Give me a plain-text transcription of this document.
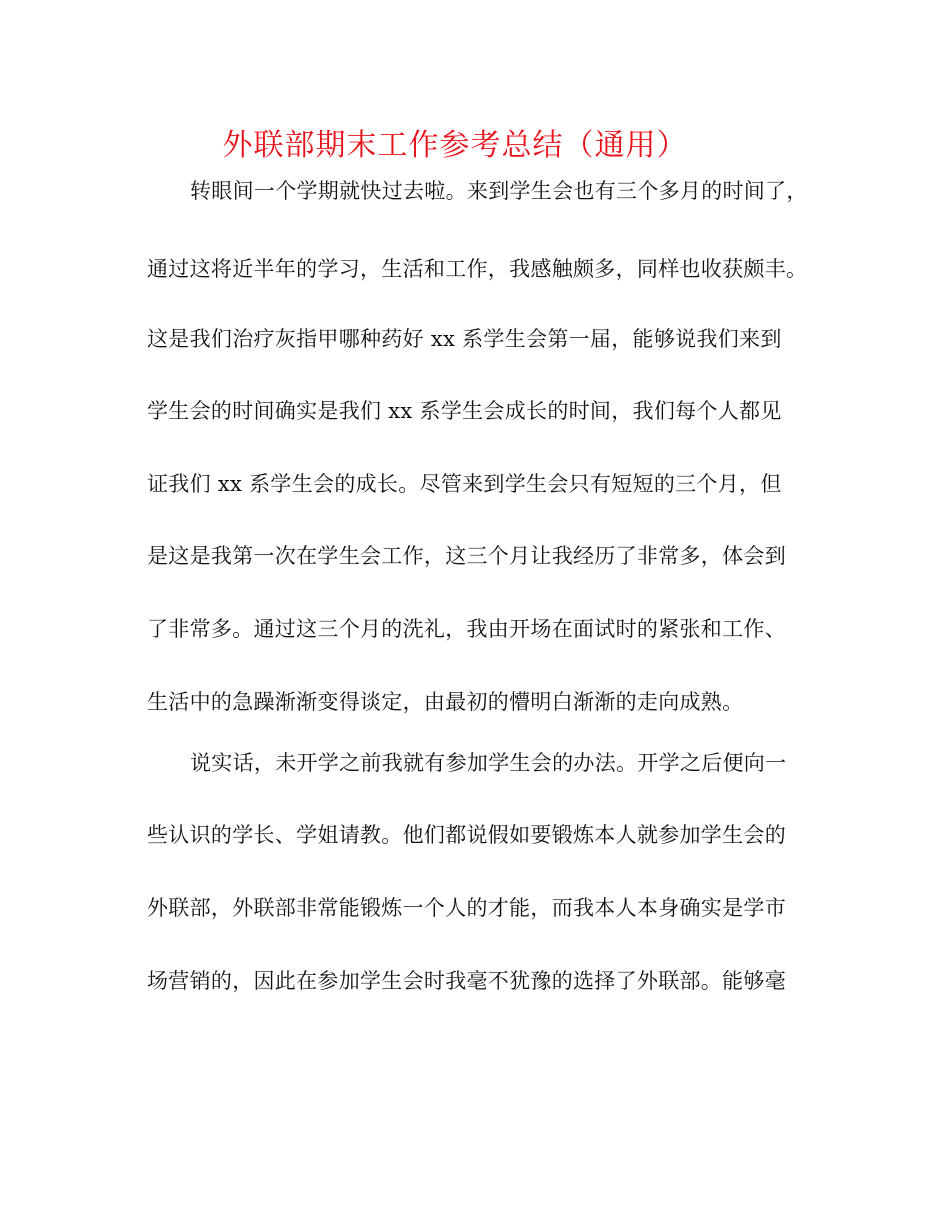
外联部期末工作参考总结（通用）
转眼间一个学期就快过去啦。来到学生会也有三个多月的时间了，
通过这将近半年的学习，生活和工作，我感触颇多，同样也收获颇丰。
这是我们治疗灰指甲哪种药好 xx 系学生会第一届，能够说我们来到
学生会的时间确实是我们 xx 系学生会成长的时间，我们每个人都见
证我们 xx 系学生会的成长。尽管来到学生会只有短短的三个月，但
是这是我第一次在学生会工作，这三个月让我经历了非常多，体会到
了非常多。通过这三个月的洗礼，我由开场在面试时的紧张和工作、
生活中的急躁渐渐变得谈定，由最初的懵明白渐渐的走向成熟。
说实话，未开学之前我就有参加学生会的办法。开学之后便向一
些认识的学长、学姐请教。他们都说假如要锻炼本人就参加学生会的
外联部，外联部非常能锻炼一个人的才能，而我本人本身确实是学市
场营销的，因此在参加学生会时我毫不犹豫的选择了外联部。能够毫
